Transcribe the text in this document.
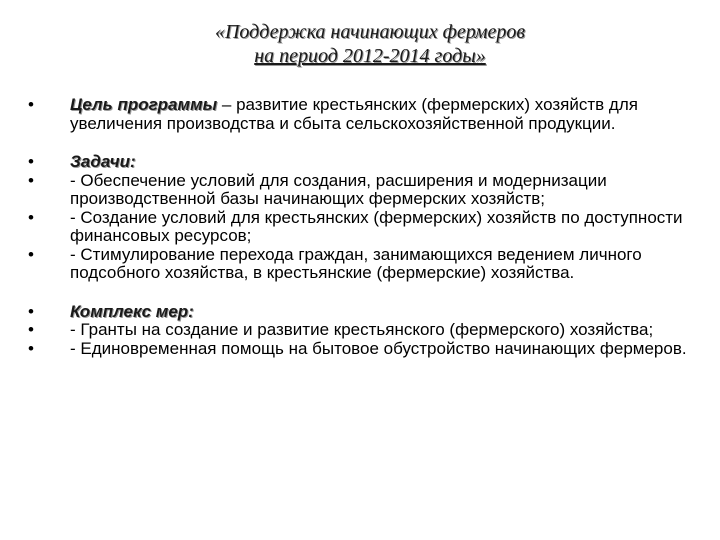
«Поддержка начинающих фермеров
на период 2012-2014 годы»
•	Цель программы – развитие крестьянских (фермерских) хозяйств для увеличения производства и сбыта сельскохозяйственной продукции.
•	Задачи:
•	- Обеспечение условий для создания, расширения и модернизации производственной базы начинающих фермерских хозяйств;
•	- Создание условий для крестьянских (фермерских) хозяйств по доступности финансовых ресурсов;
•	- Стимулирование перехода граждан, занимающихся ведением личного подсобного хозяйства, в крестьянские (фермерские) хозяйства.
•	Комплекс мер:
•	- Гранты на создание и развитие крестьянского (фермерского) хозяйства;
•	- Единовременная помощь на бытовое обустройство начинающих фермеров.
